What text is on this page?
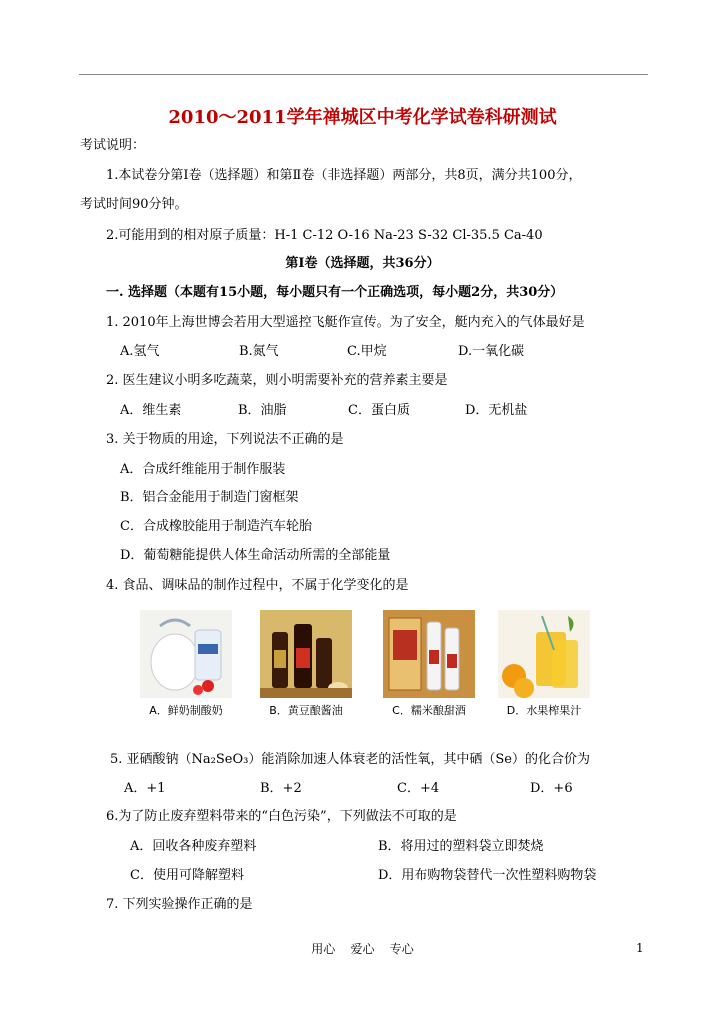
2010～2011学年禅城区中考化学试卷科研测试
考试说明：
1.本试卷分第Ⅰ卷（选择题）和第Ⅱ卷（非选择题）两部分，共8页，满分共100分，
考试时间90分钟。
2.可能用到的相对原子质量：H-1 C-12 O-16 Na-23 S-32 Cl-35.5 Ca-40
第Ⅰ卷（选择题，共36分）
一. 选择题（本题有15小题，每小题只有一个正确选项，每小题2分，共30分）
1. 2010年上海世博会若用大型遥控飞艇作宣传。为了安全，艇内充入的气体最好是
A.氢气	B.氮气	C.甲烷	D.一氧化碳
2. 医生建议小明多吃蔬菜，则小明需要补充的营养素主要是
A．维生素	B．油脂	C．蛋白质	D．无机盐
3. 关于物质的用途，下列说法不正确的是
A．合成纤维能用于制作服装
B．铝合金能用于制造门窗框架
C．合成橡胶能用于制造汽车轮胎
D．葡萄糖能提供人体生命活动所需的全部能量
4. 食品、调味品的制作过程中，不属于化学变化的是
A．鲜奶制酸奶	B．黄豆酿酱油	C．糯米酿甜酒	D．水果榨果汁
5. 亚硒酸钠（Na₂SeO₃）能消除加速人体衰老的活性氧，其中硒（Se）的化合价为
A．+1	B．+2	C．+4	D．+6
6.为了防止废弃塑料带来的“白色污染”，下列做法不可取的是
A．回收各种废弃塑料	B．将用过的塑料袋立即焚烧
C．使用可降解塑料	D．用布购物袋替代一次性塑料购物袋
7. 下列实验操作正确的是
用心    爱心    专心	1
